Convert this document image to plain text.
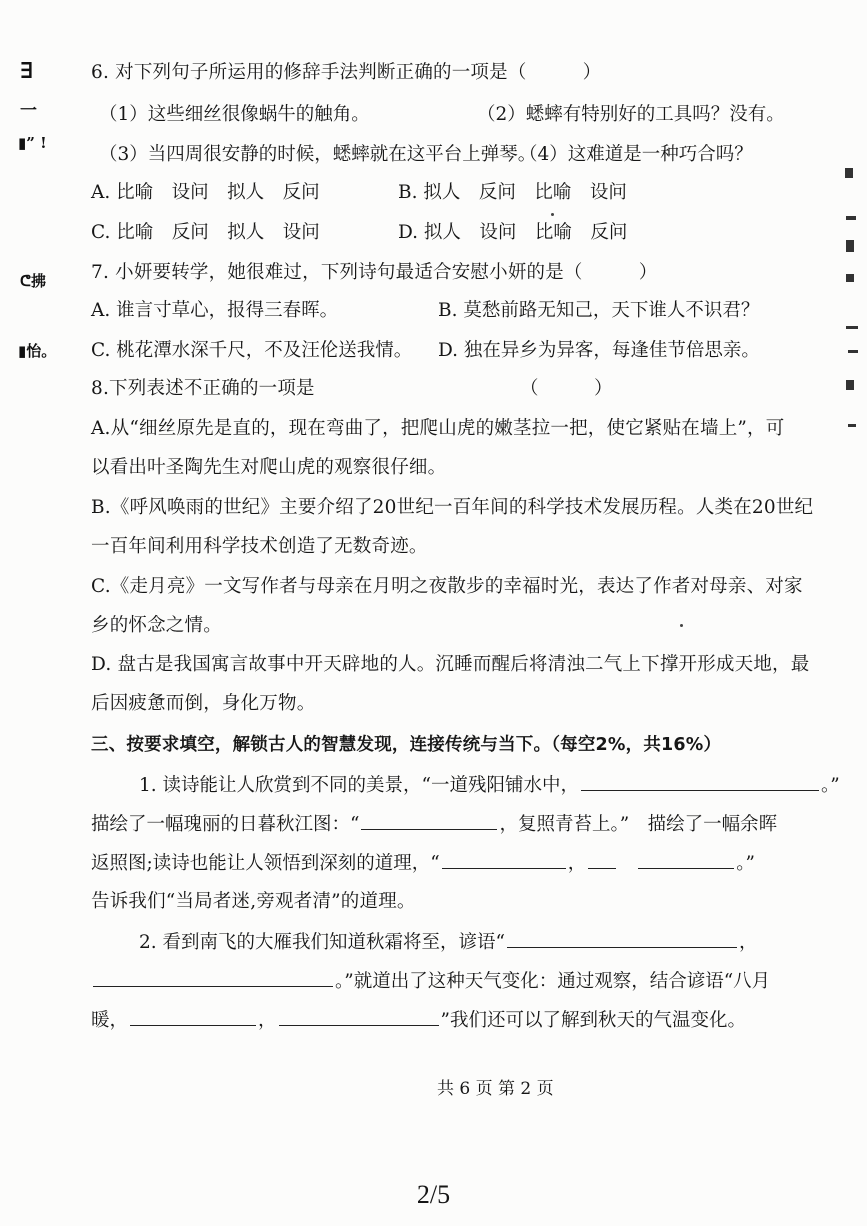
∃
一
▮” !
ᕦ拂
▮怡。
6. 对下列句子所运用的修辞手法判断正确的一项是（　　　）
（1）这些细丝很像蜗牛的触角。	（2）蟋蟀有特别好的工具吗？没有。
（3）当四周很安静的时候，蟋蟀就在这平台上弹琴。
（4）这难道是一种巧合吗？
A. 比喻　设问　拟人　反问	B. 拟人　反问　比喻　设问
C. 比喻　反问　拟人　设问	D. 拟人　设问　比喻　反问
7. 小妍要转学，她很难过，下列诗句最适合安慰小妍的是（　　　）
A. 谁言寸草心，报得三春晖。	B. 莫愁前路无知己，天下谁人不识君？
C. 桃花潭水深千尺，不及汪伦送我情。 D. 独在异乡为异客，每逢佳节倍思亲。
8.下列表述不正确的一项是	（　　　）
A.从“细丝原先是直的，现在弯曲了，把爬山虎的嫩茎拉一把，使它紧贴在墙上”，可
以看出叶圣陶先生对爬山虎的观察很仔细。
B.《呼风唤雨的世纪》主要介绍了20世纪一百年间的科学技术发展历程。人类在20世纪
一百年间利用科学技术创造了无数奇迹。
C.《走月亮》一文写作者与母亲在月明之夜散步的幸福时光，表达了作者对母亲、对家
乡的怀念之情。
D. 盘古是我国寓言故事中开天辟地的人。沉睡而醒后将清浊二气上下撑开形成天地，最
后因疲惫而倒，身化万物。
三、按要求填空，解锁古人的智慧发现，连接传统与当下。（每空2%，共16%）
1. 读诗能让人欣赏到不同的美景，“一道残阳铺水中，	。”
描绘了一幅瑰丽的日暮秋江图：“	，复照青苔上。”　描绘了一幅余晖
返照图;读诗也能让人领悟到深刻的道理，“	，	。”
告诉我们“当局者迷,旁观者清”的道理。
2. 看到南飞的大雁我们知道秋霜将至，谚语“	，
。”就道出了这种天气变化：通过观察，结合谚语“八月
暖，	，	”我们还可以了解到秋天的气温变化。
共 6 页 第 2 页
2/5
